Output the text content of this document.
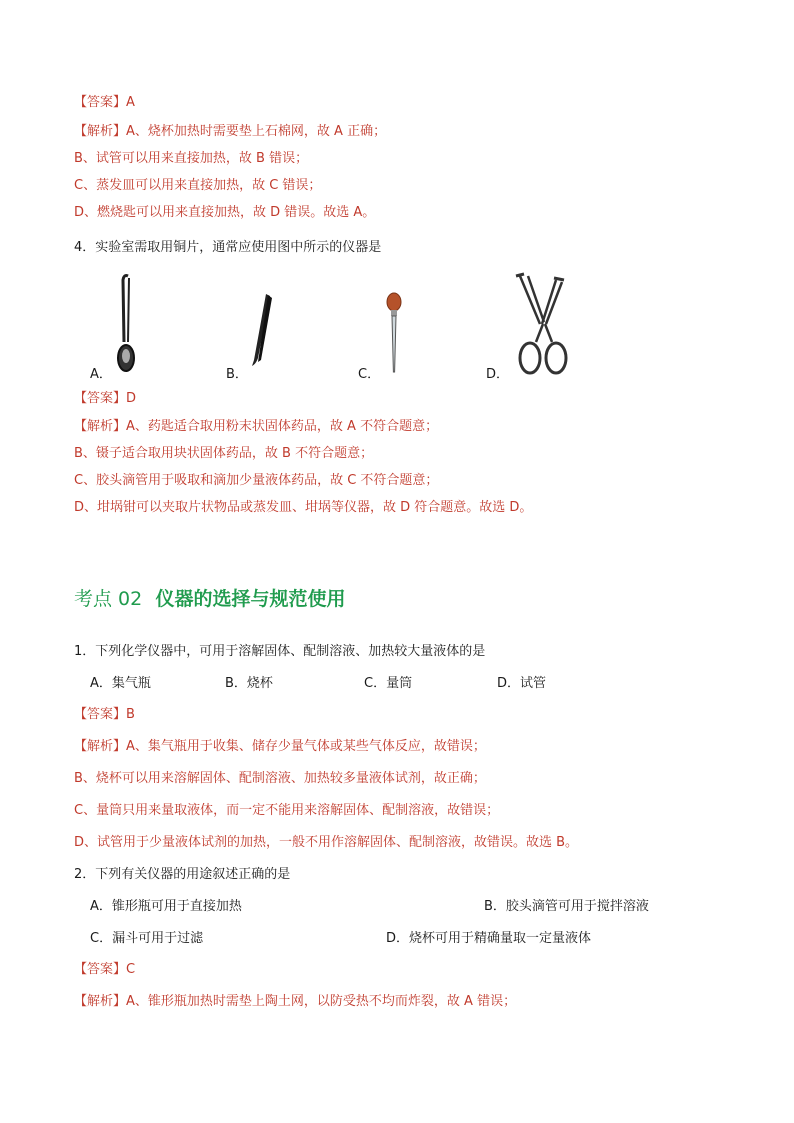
【答案】A
【解析】A、烧杯加热时需要垫上石棉网，故 A 正确；
B、试管可以用来直接加热，故 B 错误；
C、蒸发皿可以用来直接加热，故 C 错误；
D、燃烧匙可以用来直接加热，故 D 错误。故选 A。
4．实验室需取用铜片，通常应使用图中所示的仪器是
A．	B．	C．	D．
【答案】D
【解析】A、药匙适合取用粉末状固体药品，故 A 不符合题意；
B、镊子适合取用块状固体药品，故 B 不符合题意；
C、胶头滴管用于吸取和滴加少量液体药品，故 C 不符合题意；
D、坩埚钳可以夹取片状物品或蒸发皿、坩埚等仪器，故 D 符合题意。故选 D。
考点 02 仪器的选择与规范使用
1．下列化学仪器中，可用于溶解固体、配制溶液、加热较大量液体的是
A．集气瓶	B．烧杯	C．量筒	D．试管
【答案】B
【解析】A、集气瓶用于收集、储存少量气体或某些气体反应，故错误；
B、烧杯可以用来溶解固体、配制溶液、加热较多量液体试剂，故正确；
C、量筒只用来量取液体，而一定不能用来溶解固体、配制溶液，故错误；
D、试管用于少量液体试剂的加热，一般不用作溶解固体、配制溶液，故错误。故选 B。
2．下列有关仪器的用途叙述正确的是
A．锥形瓶可用于直接加热	B．胶头滴管可用于搅拌溶液
C．漏斗可用于过滤	D．烧杯可用于精确量取一定量液体
【答案】C
【解析】A、锥形瓶加热时需垫上陶土网，以防受热不均而炸裂，故 A 错误；
